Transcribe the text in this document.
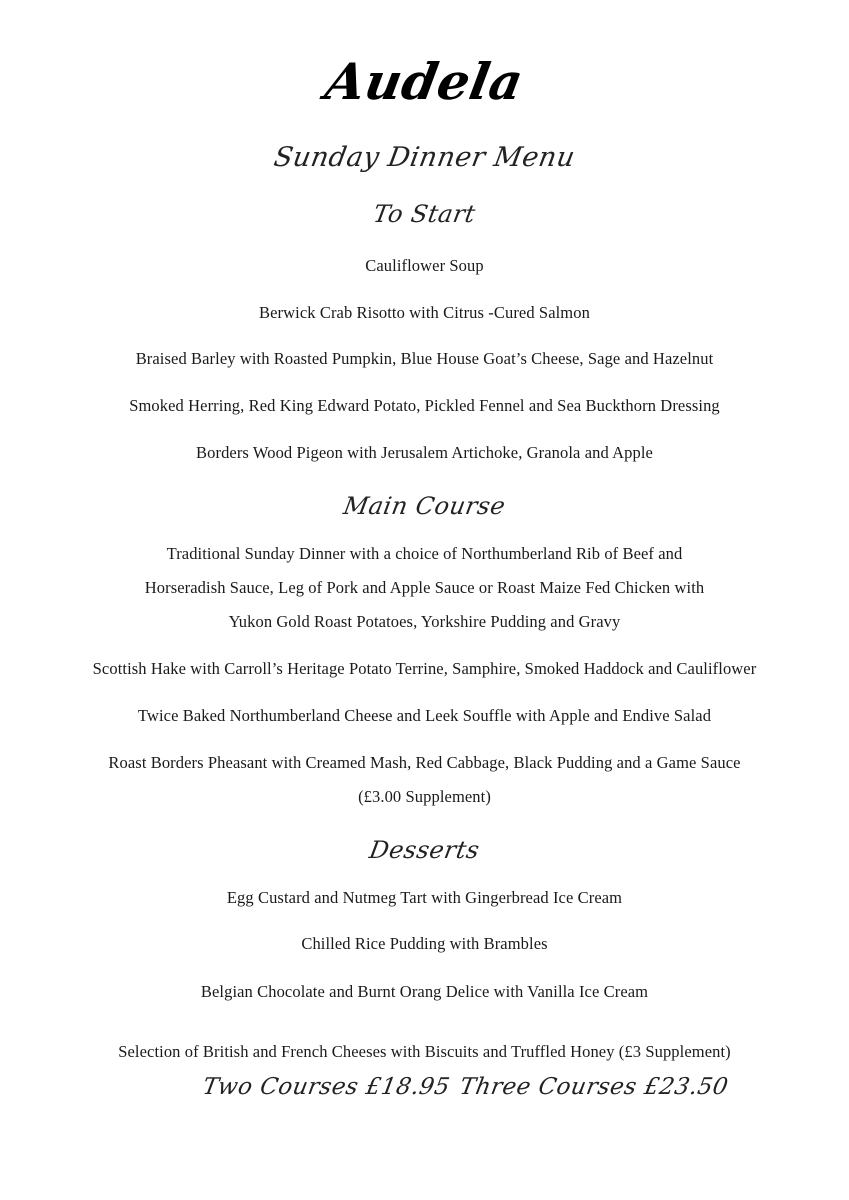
Audela
Sunday Dinner Menu
To Start
Cauliflower Soup
Berwick Crab Risotto with Citrus -Cured Salmon
Braised Barley with Roasted Pumpkin, Blue House Goat’s Cheese, Sage and Hazelnut
Smoked Herring, Red King Edward Potato, Pickled Fennel and Sea Buckthorn Dressing
Borders Wood Pigeon with Jerusalem Artichoke, Granola and Apple
Main Course
Traditional Sunday Dinner with a choice of Northumberland Rib of Beef and
Horseradish Sauce, Leg of Pork and Apple Sauce or Roast Maize Fed Chicken with
Yukon Gold Roast Potatoes, Yorkshire Pudding and Gravy
Scottish Hake with Carroll’s Heritage Potato Terrine, Samphire, Smoked Haddock and Cauliflower
Twice Baked Northumberland Cheese and Leek Souffle with Apple and Endive Salad
Roast Borders Pheasant with Creamed Mash, Red Cabbage, Black Pudding and a Game Sauce
(£3.00 Supplement)
Desserts
Egg Custard and Nutmeg Tart with Gingerbread Ice Cream
Chilled Rice Pudding with Brambles
Belgian Chocolate and Burnt Orang Delice with Vanilla Ice Cream
Selection of British and French Cheeses with Biscuits and Truffled Honey (£3 Supplement)
Two Courses £18.95 Three Courses £23.50
